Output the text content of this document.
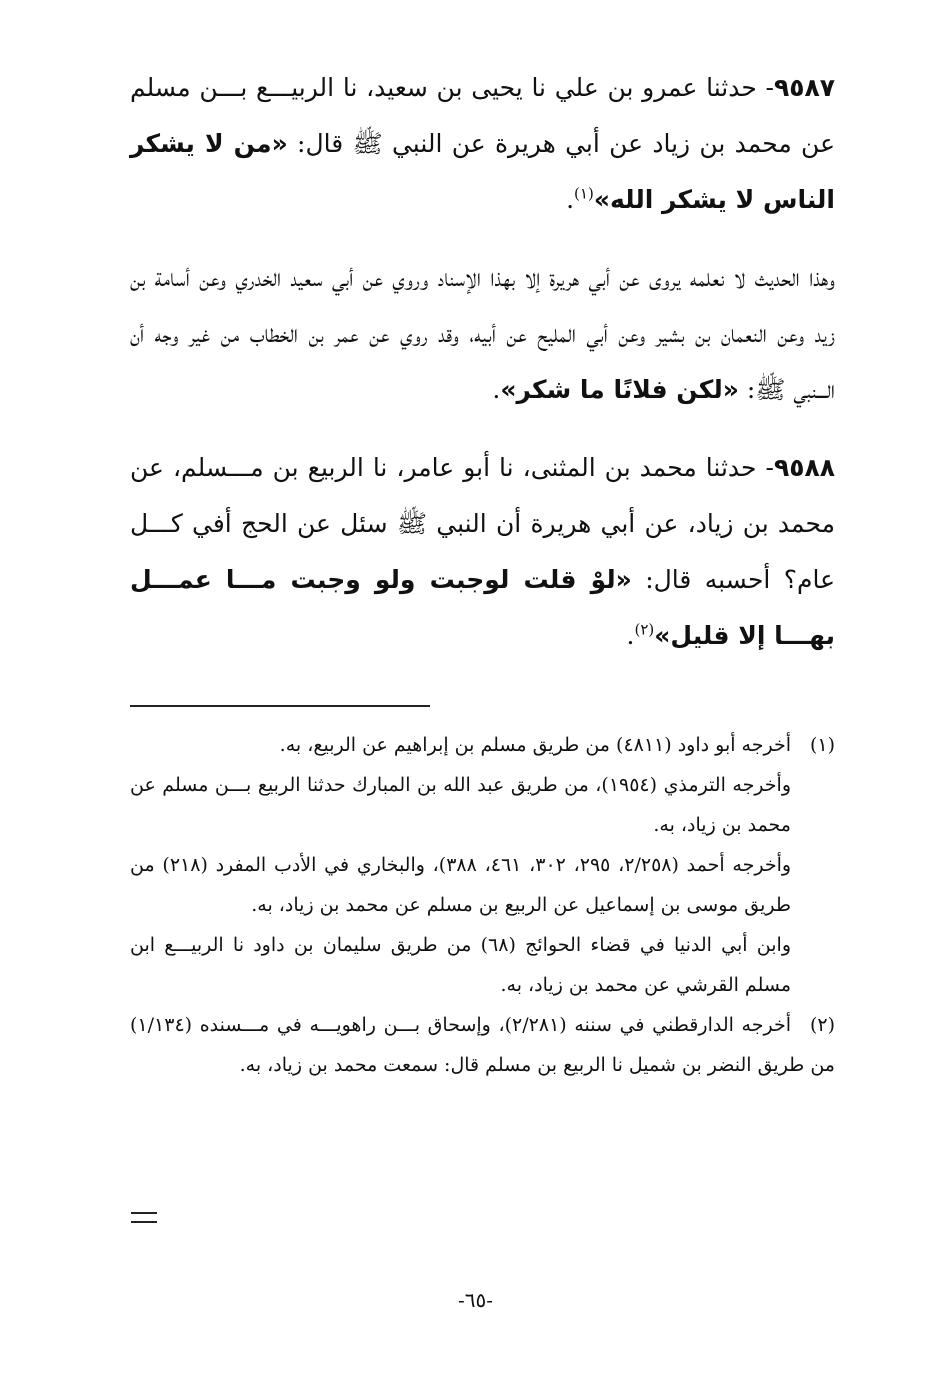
٩٥٨٧- حدثنا عمرو بن علي نا يحيى بن سعيد، نا الربيـــع بـــن مسلم عن محمد بن زياد عن أبي هريرة عن النبي ﷺ قال: «من لا يشكر الناس لا يشكر الله»$^{(١)}$.

وهذا الحديث لا نعلمه يروى عن أبي هريرة إلا بهذا الإسناد وروي عن أبي سعيد الخدري وعن أسامة بن زيد وعن النعمان بن بشير وعن أبي المليح عن أبيه، وقد روي عن عمر بن الخطاب من غير وجه أن الـــنبي ﷺ: «لكن فلانًا ما شكر».

٩٥٨٨- حدثنا محمد بن المثنى، نا أبو عامر، نا الربيع بن مـــسلم، عن محمد بن زياد، عن أبي هريرة أن النبي ﷺ سئل عن الحج أفي كـــل عام؟ أحسبه قال: «لوْ قلت لوجبت ولو وجبت مـــا عمـــل بهـــا إلا قليل»$^{(٢)}$.

(١)أخرجه أبو داود (٤٨١١) من طريق مسلم بن إبراهيم عن الربيع، به.

وأخرجه الترمذي (١٩٥٤)، من طريق عبد الله بن المبارك حدثنا الربيع بـــن مسلم عن محمد بن زياد، به.

وأخرجه أحمد (٢/٢٥٨، ٢٩٥، ٣٠٢، ٤٦١، ٣٨٨)، والبخاري في الأدب المفرد (٢١٨) من طريق موسى بن إسماعيل عن الربيع بن مسلم عن محمد بن زياد، به.

وابن أبي الدنيا في قضاء الحوائج (٦٨) من طريق سليمان بن داود نا الربيـــع ابن مسلم القرشي عن محمد بن زياد، به.

(٢)أخرجه الدارقطني في سننه (٢/٢٨١)، وإسحاق بـــن راهويـــه في مـــسنده (١/١٣٤) من طريق النضر بن شميل نا الربيع بن مسلم قال: سمعت محمد بن زياد، به.

-٦٥-
